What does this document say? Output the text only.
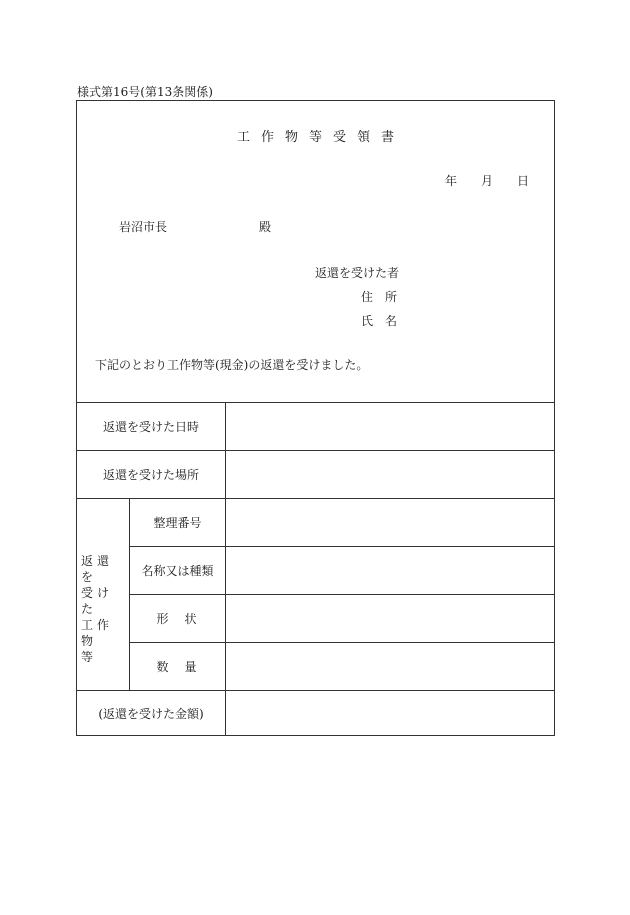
様式第16号(第13条関係)
工作物等受領書
年 月 日
岩沼市長	殿
返還を受けた者
住　所
氏　名
下記のとおり工作物等(現金)の返還を受けました。
返還を受けた日時
返還を受けた場所
返還を
受けた
工作物
等
整理番号
名称又は種類
形　状
数　量
(返還を受けた金額)
